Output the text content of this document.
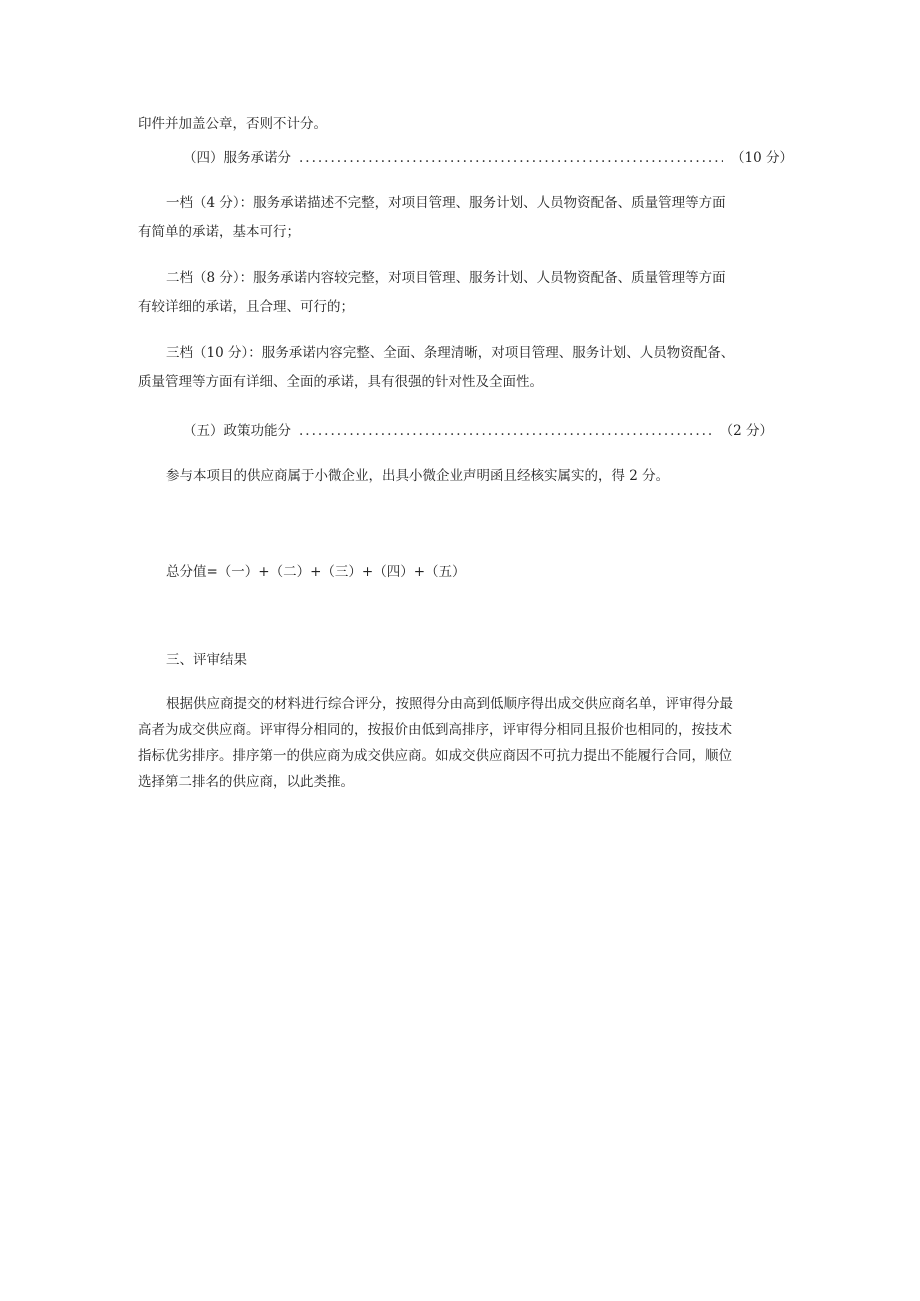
印件并加盖公章，否则不计分。
（四）服务承诺分 .....	（10 分）
一档（4 分）：服务承诺描述不完整，对项目管理、服务计划、人员物资配备、质量管理等方面
有简单的承诺，基本可行；
二档（8 分）：服务承诺内容较完整，对项目管理、服务计划、人员物资配备、质量管理等方面
有较详细的承诺，且合理、可行的；
三档（10 分）：服务承诺内容完整、全面、条理清晰，对项目管理、服务计划、人员物资配备、
质量管理等方面有详细、全面的承诺，具有很强的针对性及全面性。
（五）政策功能分 .....	（2 分）
参与本项目的供应商属于小微企业，出具小微企业声明函且经核实属实的，得 2 分。
总分值=（一）+（二）+（三）+（四）+（五）
三、评审结果
根据供应商提交的材料进行综合评分，按照得分由高到低顺序得出成交供应商名单，评审得分最
高者为成交供应商。评审得分相同的，按报价由低到高排序，评审得分相同且报价也相同的，按技术
指标优劣排序。排序第一的供应商为成交供应商。如成交供应商因不可抗力提出不能履行合同，顺位
选择第二排名的供应商，以此类推。
